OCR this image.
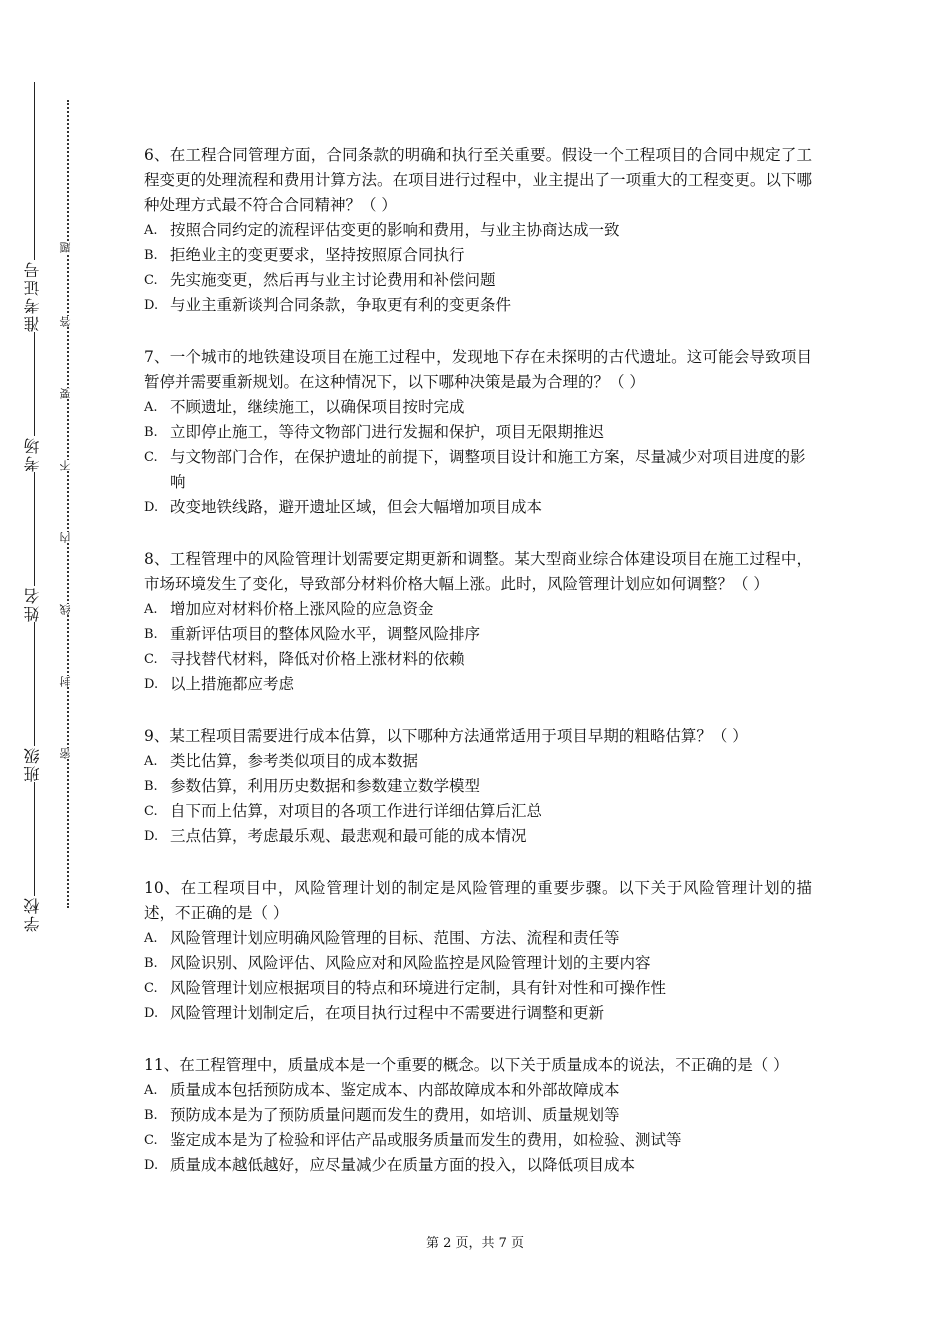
准考证号
考场
姓名
班级
学校
题
答
要
不
内
线
封
密
6、在工程合同管理方面，合同条款的明确和执行至关重要。假设一个工程项目的合同中规定了工程变更的处理流程和费用计算方法。在项目进行过程中，业主提出了一项重大的工程变更。以下哪种处理方式最不符合合同精神？（ ）
A. 按照合同约定的流程评估变更的影响和费用，与业主协商达成一致
B. 拒绝业主的变更要求，坚持按照原合同执行
C. 先实施变更，然后再与业主讨论费用和补偿问题
D. 与业主重新谈判合同条款，争取更有利的变更条件
7、一个城市的地铁建设项目在施工过程中，发现地下存在未探明的古代遗址。这可能会导致项目暂停并需要重新规划。在这种情况下，以下哪种决策是最为合理的？（ ）
A. 不顾遗址，继续施工，以确保项目按时完成
B. 立即停止施工，等待文物部门进行发掘和保护，项目无限期推迟
C. 与文物部门合作，在保护遗址的前提下，调整项目设计和施工方案，尽量减少对项目进度的影响
D. 改变地铁线路，避开遗址区域，但会大幅增加项目成本
8、工程管理中的风险管理计划需要定期更新和调整。某大型商业综合体建设项目在施工过程中，市场环境发生了变化，导致部分材料价格大幅上涨。此时，风险管理计划应如何调整？（ ）
A. 增加应对材料价格上涨风险的应急资金
B. 重新评估项目的整体风险水平，调整风险排序
C. 寻找替代材料，降低对价格上涨材料的依赖
D. 以上措施都应考虑
9、某工程项目需要进行成本估算，以下哪种方法通常适用于项目早期的粗略估算？（ ）
A. 类比估算，参考类似项目的成本数据
B. 参数估算，利用历史数据和参数建立数学模型
C. 自下而上估算，对项目的各项工作进行详细估算后汇总
D. 三点估算，考虑最乐观、最悲观和最可能的成本情况
10、在工程项目中，风险管理计划的制定是风险管理的重要步骤。以下关于风险管理计划的描述，不正确的是（ ）
A. 风险管理计划应明确风险管理的目标、范围、方法、流程和责任等
B. 风险识别、风险评估、风险应对和风险监控是风险管理计划的主要内容
C. 风险管理计划应根据项目的特点和环境进行定制，具有针对性和可操作性
D. 风险管理计划制定后，在项目执行过程中不需要进行调整和更新
11、在工程管理中，质量成本是一个重要的概念。以下关于质量成本的说法，不正确的是（ ）
A. 质量成本包括预防成本、鉴定成本、内部故障成本和外部故障成本
B. 预防成本是为了预防质量问题而发生的费用，如培训、质量规划等
C. 鉴定成本是为了检验和评估产品或服务质量而发生的费用，如检验、测试等
D. 质量成本越低越好，应尽量减少在质量方面的投入，以降低项目成本
第 2 页，共 7 页
